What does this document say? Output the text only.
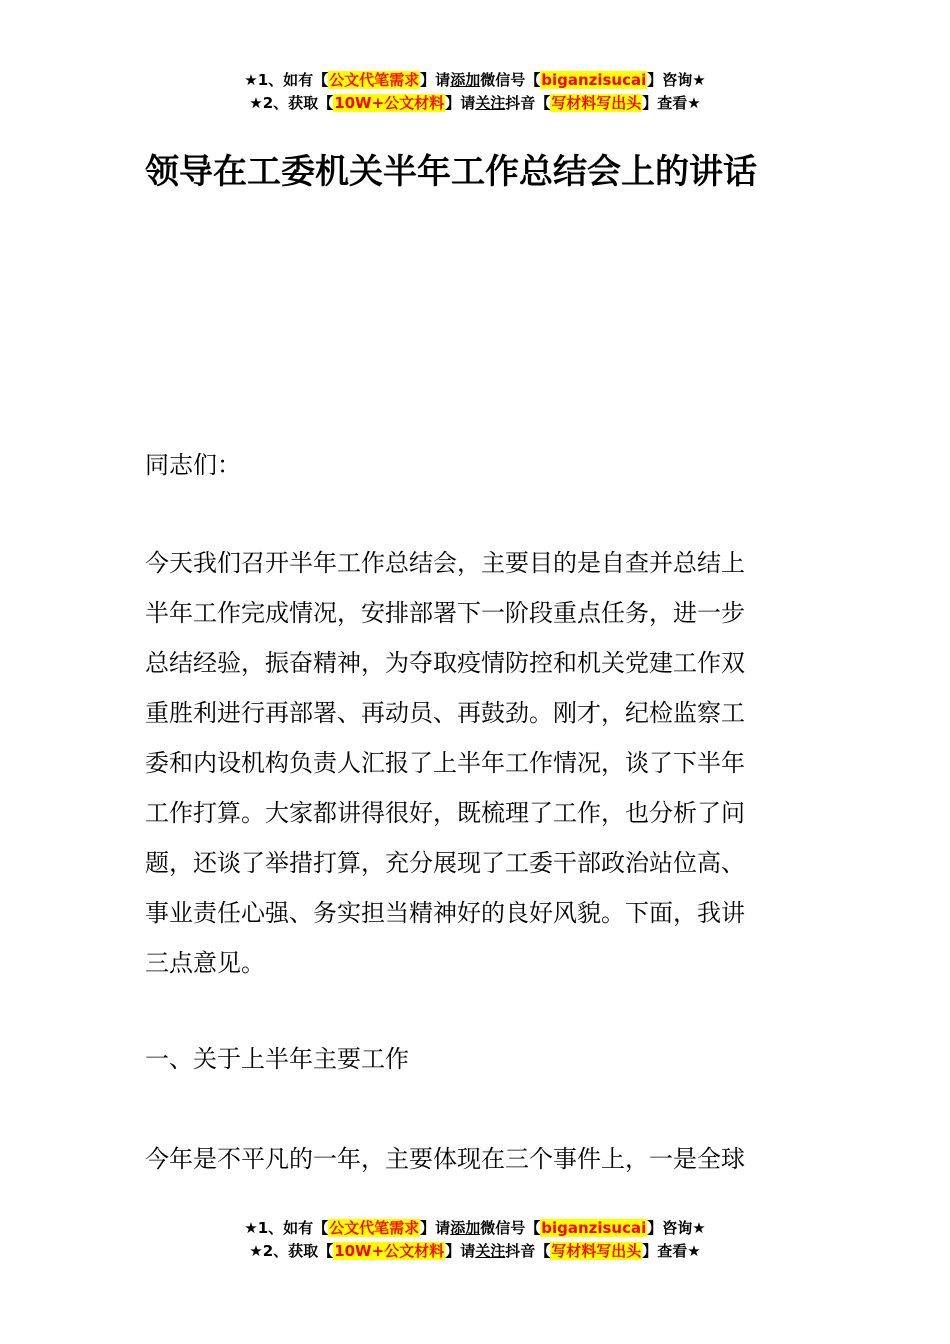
★1、如有【公文代笔需求】请添加微信号【biganzisucai】咨询★
★2、获取【10W+公文材料】请关注抖音【写材料写出头】查看★
领导在工委机关半年工作总结会上的讲话

同志们：

今天我们召开半年工作总结会，主要目的是自查并总结上
半年工作完成情况，安排部署下一阶段重点任务，进一步
总结经验，振奋精神，为夺取疫情防控和机关党建工作双
重胜利进行再部署、再动员、再鼓劲。刚才，纪检监察工
委和内设机构负责人汇报了上半年工作情况，谈了下半年
工作打算。大家都讲得很好，既梳理了工作，也分析了问
题，还谈了举措打算，充分展现了工委干部政治站位高、
事业责任心强、务实担当精神好的良好风貌。下面，我讲
三点意见。

一、关于上半年主要工作

今年是不平凡的一年，主要体现在三个事件上，一是全球

★1、如有【公文代笔需求】请添加微信号【biganzisucai】咨询★
★2、获取【10W+公文材料】请关注抖音【写材料写出头】查看★
